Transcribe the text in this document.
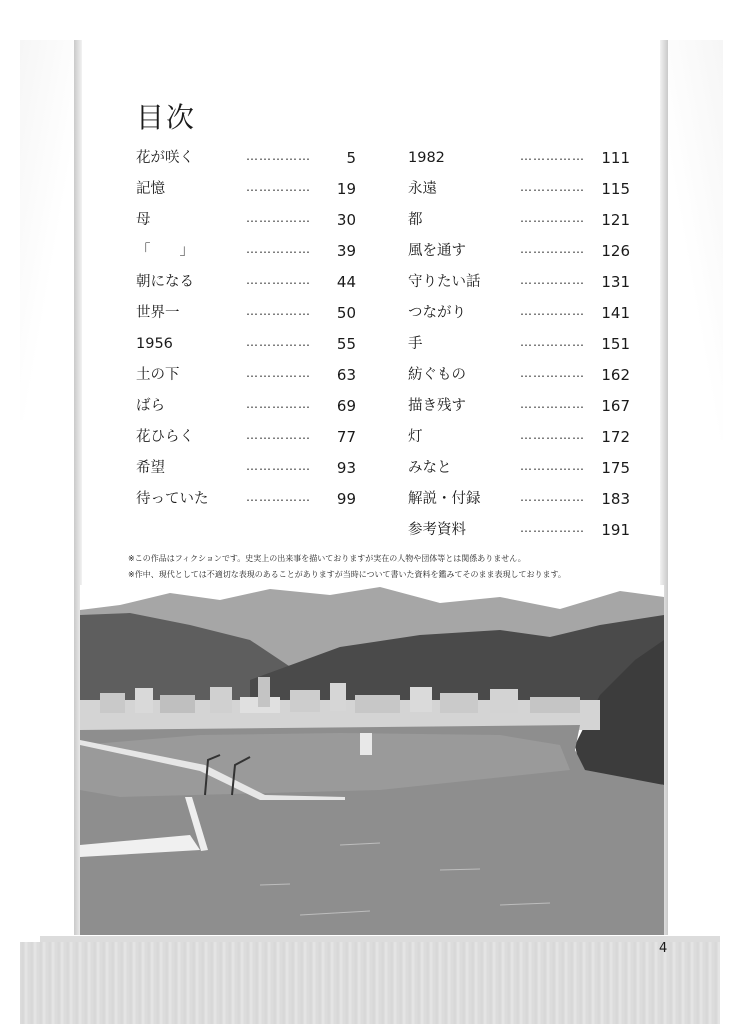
目次
花が咲く	…………… 5
記憶	…………… 19
母	…………… 30
「　　」	…………… 39
朝になる	…………… 44
世界一	…………… 50
1956	…………… 55
土の下	…………… 63
ばら	…………… 69
花ひらく	…………… 77
希望	…………… 93
待っていた	…………… 99
1982	…………… 111
永遠	…………… 115
都	…………… 121
風を通す	…………… 126
守りたい話	…………… 131
つながり	…………… 141
手	…………… 151
紡ぐもの	…………… 162
描き残す	…………… 167
灯	…………… 172
みなと	…………… 175
解説・付録	…………… 183
参考資料	…………… 191
※この作品はフィクションです。史実上の出来事を描いておりますが実在の人物や団体等とは関係ありません。
※作中、現代としては不適切な表現のあることがありますが当時について書いた資料を鑑みてそのまま表現しております。
4
